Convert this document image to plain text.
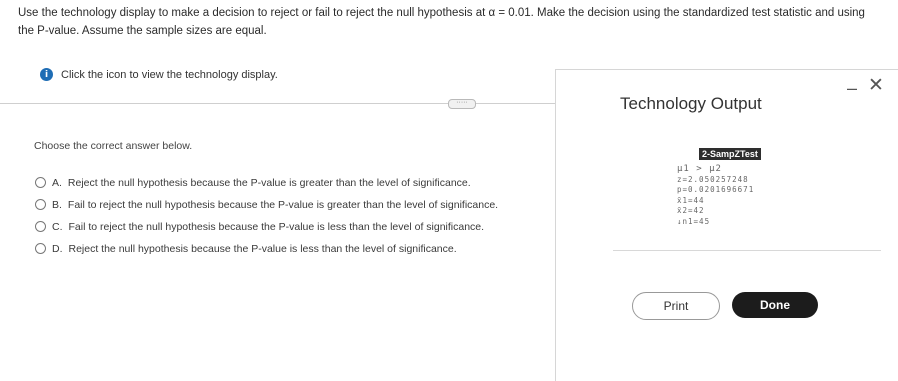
Use the technology display to make a decision to reject or fail to reject the null hypothesis at α = 0.01. Make the decision using the standardized test statistic and using
the P-value. Assume the sample sizes are equal.
i	Click the icon to view the technology display.
·····
Choose the correct answer below.
A. Reject the null hypothesis because the P-value is greater than the level of significance.
B. Fail to reject the null hypothesis because the P-value is greater than the level of significance.
C. Fail to reject the null hypothesis because the P-value is less than the level of significance.
D. Reject the null hypothesis because the P-value is less than the level of significance.
Technology Output
– ✕
2-SampZTest
μ1 > μ2
z=2.050257248
p=0.0201696671
x̄1=44
x̄2=42
↓n1=45
Print	Done
